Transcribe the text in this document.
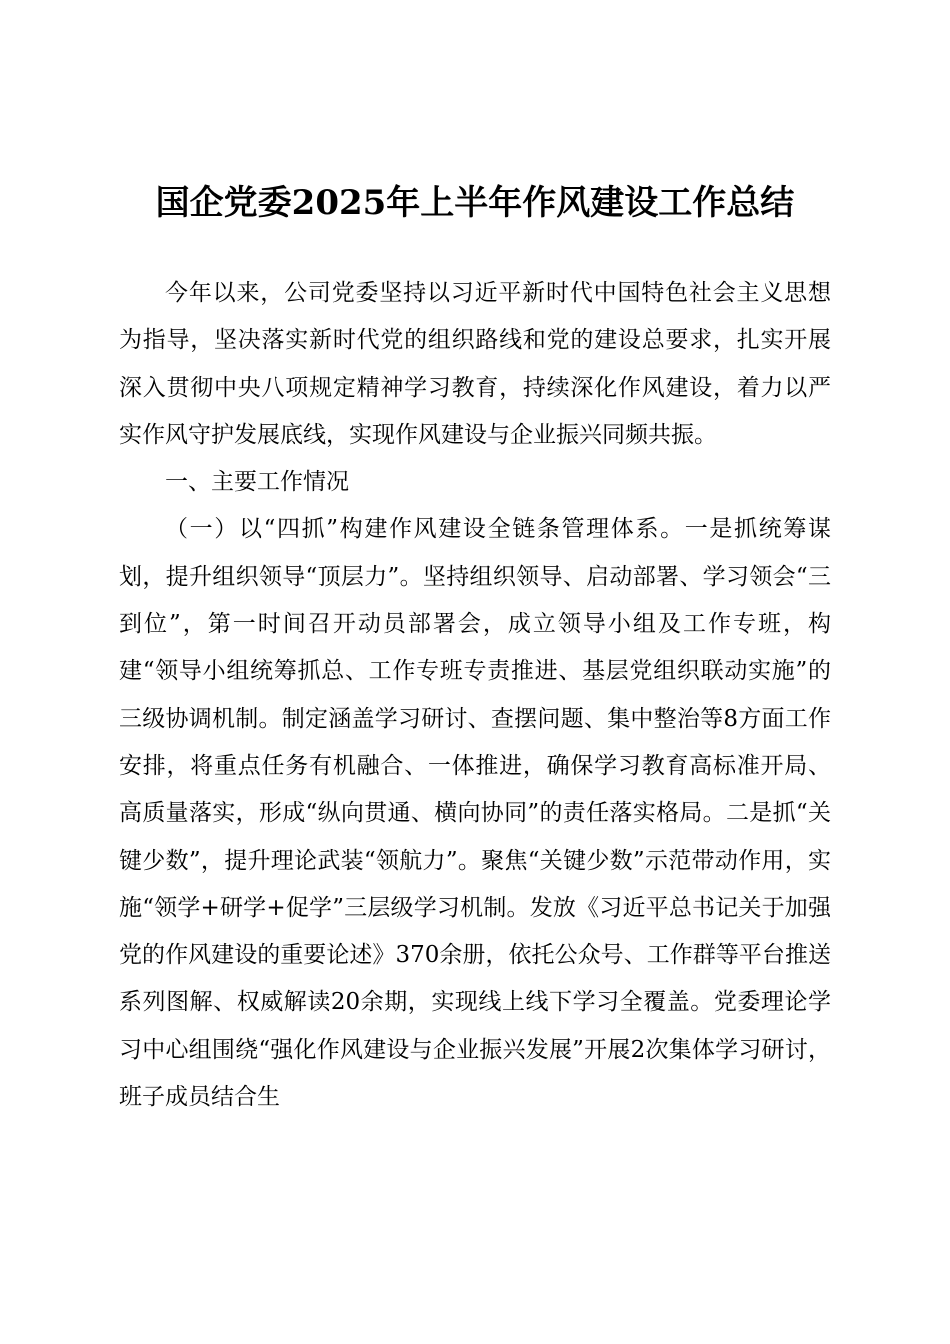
国企党委2025年上半年作风建设工作总结

今年以来，公司党委坚持以习近平新时代中国特色社会主义思想为指导，坚决落实新时代党的组织路线和党的建设总要求，扎实开展深入贯彻中央八项规定精神学习教育，持续深化作风建设，着力以严实作风守护发展底线，实现作风建设与企业振兴同频共振。

一、主要工作情况

（一）以“四抓”构建作风建设全链条管理体系。一是抓统筹谋划，提升组织领导“顶层力”。坚持组织领导、启动部署、学习领会“三到位”，第一时间召开动员部署会，成立领导小组及工作专班，构建“领导小组统筹抓总、工作专班专责推进、基层党组织联动实施”的三级协调机制。制定涵盖学习研讨、查摆问题、集中整治等8方面工作安排，将重点任务有机融合、一体推进，确保学习教育高标准开局、高质量落实，形成“纵向贯通、横向协同”的责任落实格局。二是抓“关键少数”，提升理论武装“领航力”。聚焦“关键少数”示范带动作用，实施“领学+研学+促学”三层级学习机制。发放《习近平总书记关于加强党的作风建设的重要论述》370余册，依托公众号、工作群等平台推送系列图解、权威解读20余期，实现线上线下学习全覆盖。党委理论学习中心组围绕“强化作风建设与企业振兴发展”开展2次集体学习研讨，班子成员结合生
